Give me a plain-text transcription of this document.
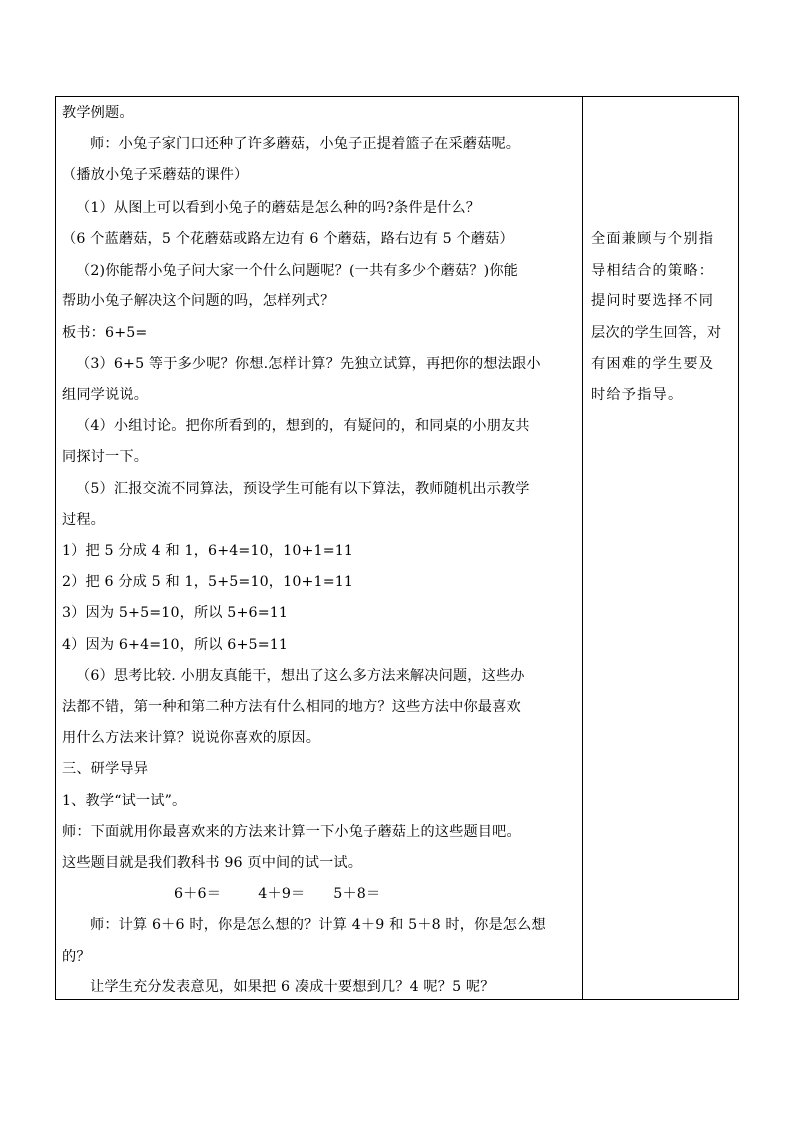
教学例题。
师：小兔子家门口还种了许多蘑菇，小兔子正提着篮子在采蘑菇呢。
（播放小兔子采蘑菇的课件）
（1）从图上可以看到小兔子的蘑菇是怎么种的吗?条件是什么？
（6 个蓝蘑菇，5 个花蘑菇或路左边有 6 个蘑菇，路右边有 5 个蘑菇）
（2)你能帮小兔子问大家一个什么问题呢？(一共有多少个蘑菇？)你能
帮助小兔子解决这个问题的吗，怎样列式？
板书：6+5=
（3）6+5 等于多少呢？你想.怎样计算？先独立试算，再把你的想法跟小
组同学说说。
（4）小组讨论。把你所看到的，想到的，有疑问的，和同桌的小朋友共
同探讨一下。
（5）汇报交流不同算法，预设学生可能有以下算法，教师随机出示教学
过程。
1）把 5 分成 4 和 1，6+4=10，10+1=11
2）把 6 分成 5 和 1，5+5=10，10+1=11
3）因为 5+5=10，所以 5+6=11
4）因为 6+4=10，所以 6+5=11
（6）思考比较. 小朋友真能干，想出了这么多方法来解决问题，这些办
法都不错，第一种和第二种方法有什么相同的地方？这些方法中你最喜欢
用什么方法来计算？说说你喜欢的原因。
三、研学导异
1、教学“试一试”。
师：下面就用你最喜欢来的方法来计算一下小兔子蘑菇上的这些题目吧。
这些题目就是我们教科书 96 页中间的试一试。
6＋6＝        4＋9＝      5＋8＝
师：计算 6＋6 时，你是怎么想的？计算 4＋9 和 5＋8 时，你是怎么想
的？
让学生充分发表意见，如果把 6 凑成十要想到几？4 呢？5 呢？
全面兼顾与个别指
导相结合的策略：
提问时要选择不同
层次的学生回答，对
有困难的学生要及
时给予指导。
